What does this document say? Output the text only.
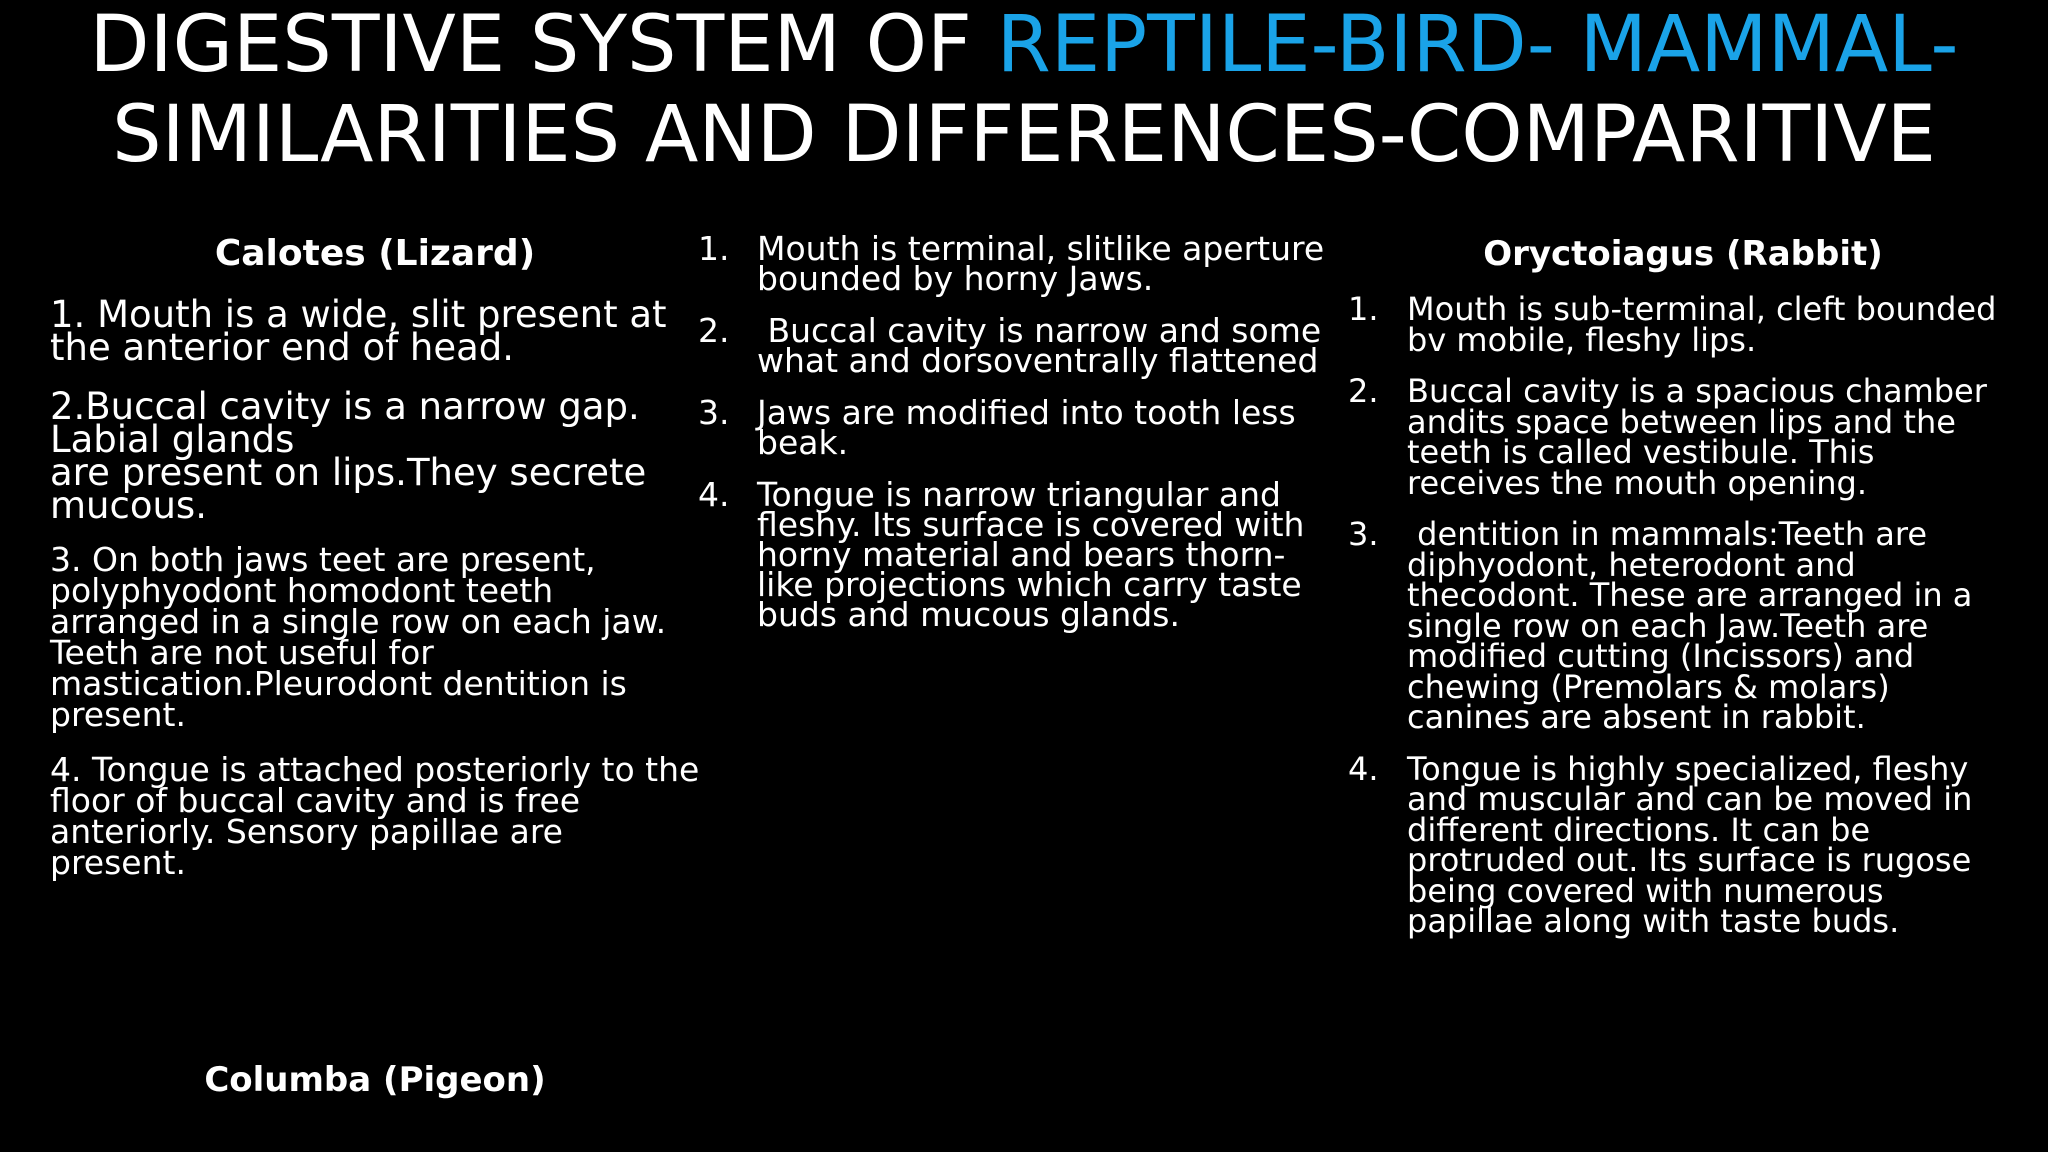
DIGESTIVE SYSTEM OF REPTILE-BIRD- MAMMAL-
SIMILARITIES AND DIFFERENCES-COMPARITIVE

Calotes (Lizard)

1. Mouth is a wide, slit present at the anterior end of head.

2.Buccal cavity is a narrow gap. Labial glands
are present on lips.They secrete mucous.

3. On both jaws teet are present, polyphyodont homodont teeth arranged in a single row on each jaw. Teeth are not useful for mastication.Pleurodont dentition is present.

4. Tongue is attached posteriorly to the floor of buccal cavity and is free anteriorly. Sensory papillae are present.

1. Mouth is terminal, slitlike aperture bounded by horny Jaws.
2. Buccal cavity is narrow and some what and dorsoventrally flattened
3. Jaws are modified into tooth less beak.
4. Tongue is narrow triangular and fleshy. Its surface is covered with horny material and bears thorn-like projections which carry taste buds and mucous glands.

Oryctoiagus (Rabbit)

1. Mouth is sub-terminal, cleft bounded bv mobile, fleshy lips.
2. Buccal cavity is a spacious chamber andits space between lips and the teeth is called vestibule. This receives the mouth opening.
3. dentition in mammals:Teeth are diphyodont, heterodont and thecodont. These are arranged in a single row on each Jaw.Teeth are modified cutting (Incissors) and chewing (Premolars & molars) canines are absent in rabbit.
4. Tongue is highly specialized, fleshy and muscular and can be moved in different directions. It can be protruded out. Its surface is rugose being covered with numerous papillae along with taste buds.
Columba (Pigeon)
